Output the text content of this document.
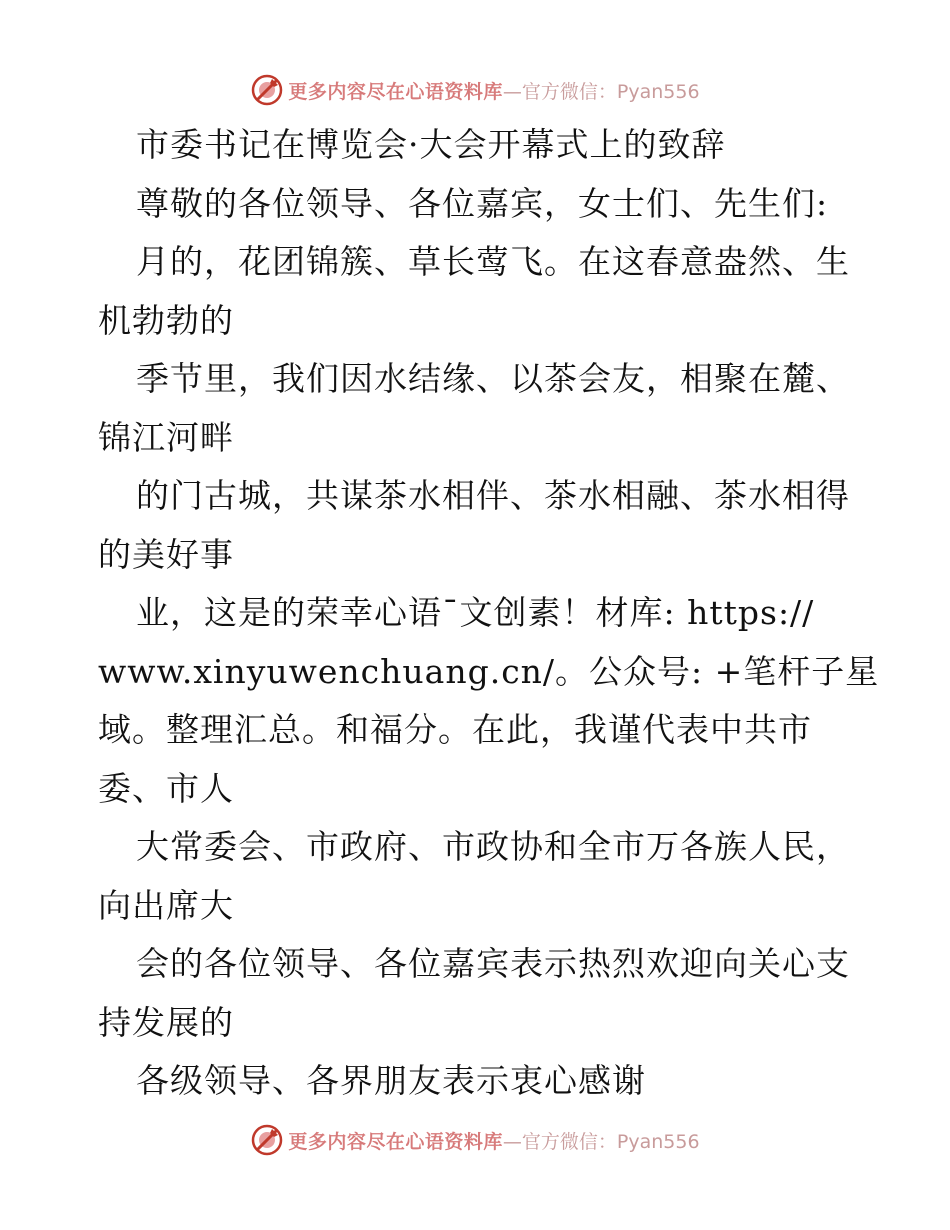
更多内容尽在心语资料库 —官方微信：Pyan556
市委书记在博览会·大会开幕式上的致辞
尊敬的各位领导、各位嘉宾，女士们、先生们:
月的，花团锦簇、草长莺飞。在这春意盎然、生
机勃勃的
季节里，我们因水结缘、以茶会友，相聚在麓、
锦江河畔
的门古城，共谋茶水相伴、茶水相融、茶水相得
的美好事
业，这是的荣幸心语¯文创素！材库: https://
www.xinyuwenchuang.cn/。公众号: +笔杆子星
域。整理汇总。和福分。在此，我谨代表中共市
委、市人
大常委会、市政府、市政协和全市万各族人民，
向出席大
会的各位领导、各位嘉宾表示热烈欢迎向关心支
持发展的
各级领导、各界朋友表示衷心感谢
更多内容尽在心语资料库 —官方微信：Pyan556
